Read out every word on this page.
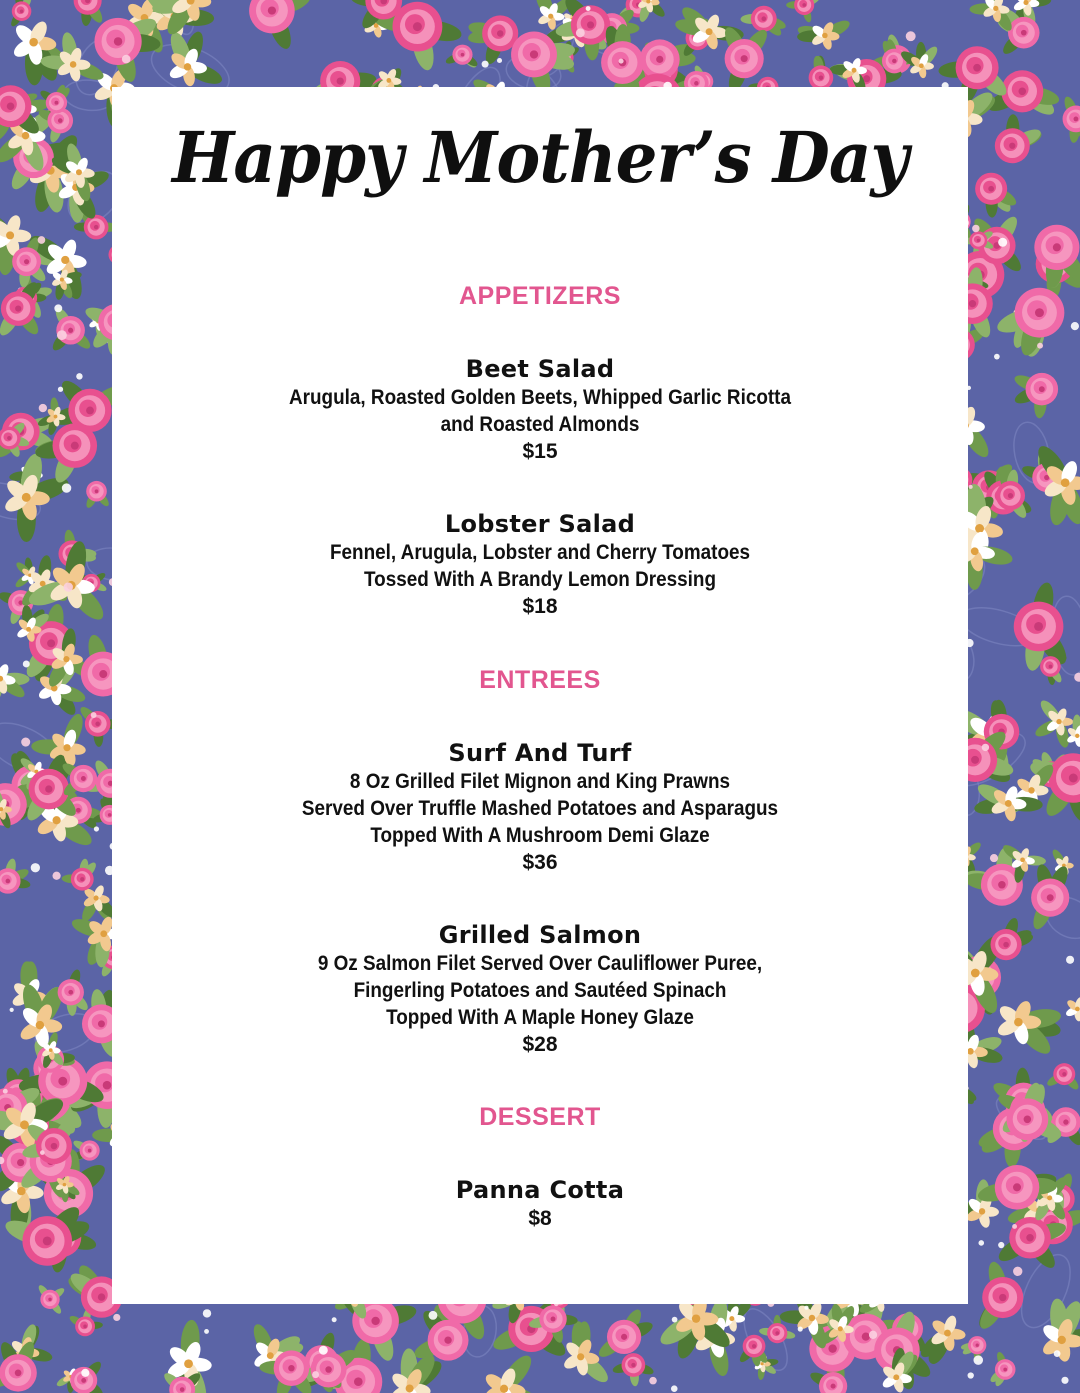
Happy Mother’s Day
APPETIZERS

Beet Salad

Arugula, Roasted Golden Beets, Whipped Garlic Ricotta

and Roasted Almonds

$15

Lobster Salad

Fennel, Arugula, Lobster and Cherry Tomatoes

Tossed With A Brandy Lemon Dressing

$18

ENTREES

Surf And Turf

8 Oz Grilled Filet Mignon and King Prawns

Served Over Truffle Mashed Potatoes and Asparagus

Topped With A Mushroom Demi Glaze

$36

Grilled Salmon

9 Oz Salmon Filet Served Over Cauliflower Puree,

Fingerling Potatoes and Sautéed Spinach

Topped With A Maple Honey Glaze

$28

DESSERT

Panna Cotta

$8
